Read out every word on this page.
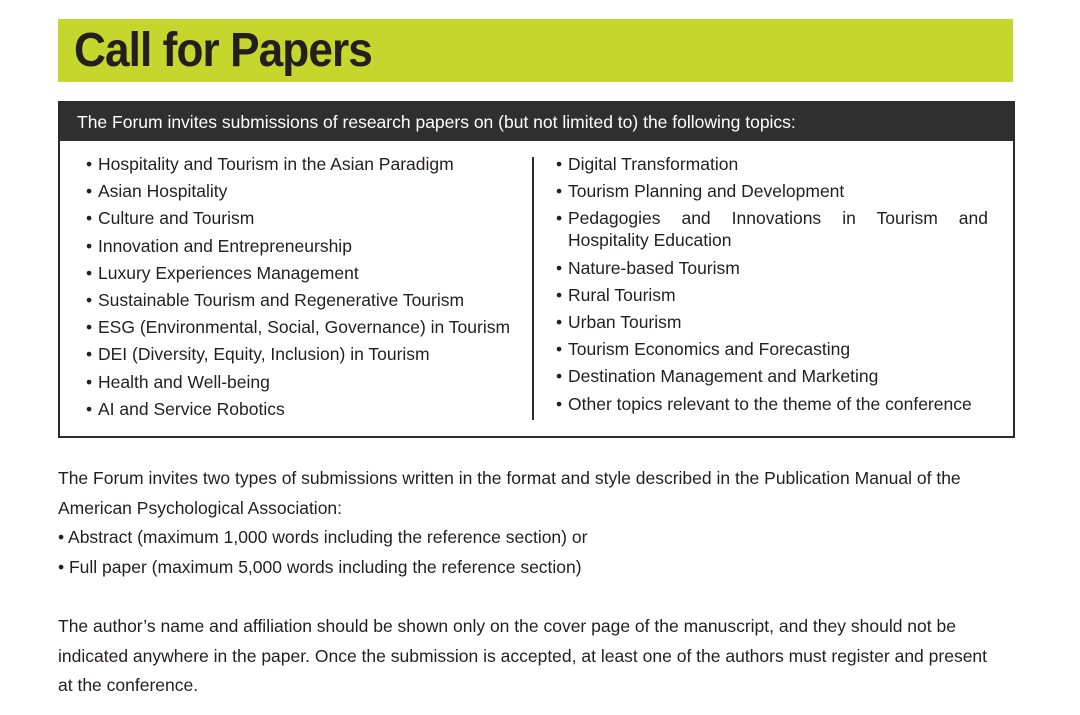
Call for Papers
The Forum invites submissions of research papers on (but not limited to) the following topics:
• Hospitality and Tourism in the Asian Paradigm
• Asian Hospitality
• Culture and Tourism
• Innovation and Entrepreneurship
• Luxury Experiences Management
• Sustainable Tourism and Regenerative Tourism
• ESG (Environmental, Social, Governance) in Tourism
• DEI (Diversity, Equity, Inclusion) in Tourism
• Health and Well-being
• AI and Service Robotics
• Digital Transformation
• Tourism Planning and Development
• Pedagogies and Innovations in Tourism and
Hospitality Education
• Nature-based Tourism
• Rural Tourism
• Urban Tourism
• Tourism Economics and Forecasting
• Destination Management and Marketing
• Other topics relevant to the theme of the conference

The Forum invites two types of submissions written in the format and style described in the Publication Manual of the
American Psychological Association:
• Abstract (maximum 1,000 words including the reference section) or
• Full paper (maximum 5,000 words including the reference section)

The author’s name and affiliation should be shown only on the cover page of the manuscript, and they should not be
indicated anywhere in the paper. Once the submission is accepted, at least one of the authors must register and present
at the conference.
